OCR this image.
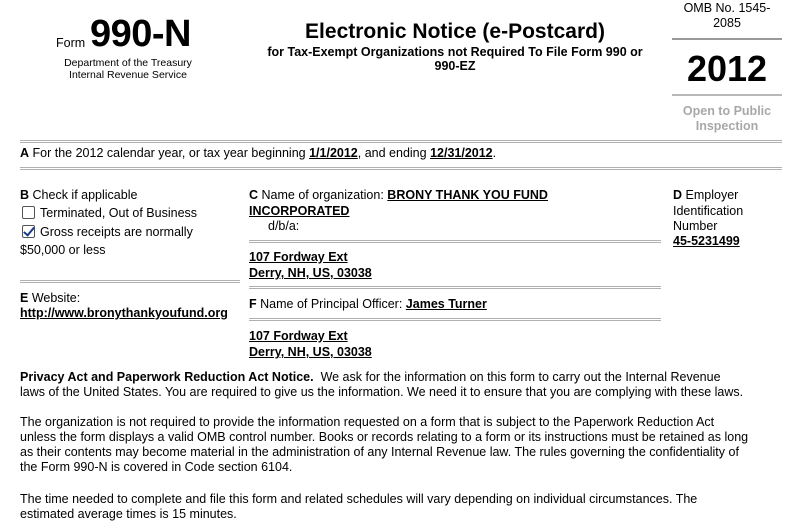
Form 990-N
Department of the Treasury
Internal Revenue Service
Electronic Notice (e-Postcard)
for Tax-Exempt Organizations not Required To File Form 990 or
990-EZ
OMB No. 1545-
2085
2012
Open to Public
Inspection
A For the 2012 calendar year, or tax year beginning 1/1/2012, and ending 12/31/2012.
B Check if applicable
Terminated, Out of Business
Gross receipts are normally
$50,000 or less
E Website:
http://www.bronythankyoufund.org
C Name of organization: BRONY THANK YOU FUND
INCORPORATED
d/b/a:
107 Fordway Ext
Derry, NH, US, 03038
F Name of Principal Officer: James Turner
107 Fordway Ext
Derry, NH, US, 03038
D Employer
Identification
Number
45-5231499

Privacy Act and Paperwork Reduction Act Notice. We ask for the information on this form to carry out the Internal Revenue

laws of the United States. You are required to give us the information. We need it to ensure that you are complying with these laws.

The organization is not required to provide the information requested on a form that is subject to the Paperwork Reduction Act

unless the form displays a valid OMB control number. Books or records relating to a form or its instructions must be retained as long

as their contents may become material in the administration of any Internal Revenue law. The rules governing the confidentiality of

the Form 990-N is covered in Code section 6104.

The time needed to complete and file this form and related schedules will vary depending on individual circumstances. The

estimated average times is 15 minutes.
